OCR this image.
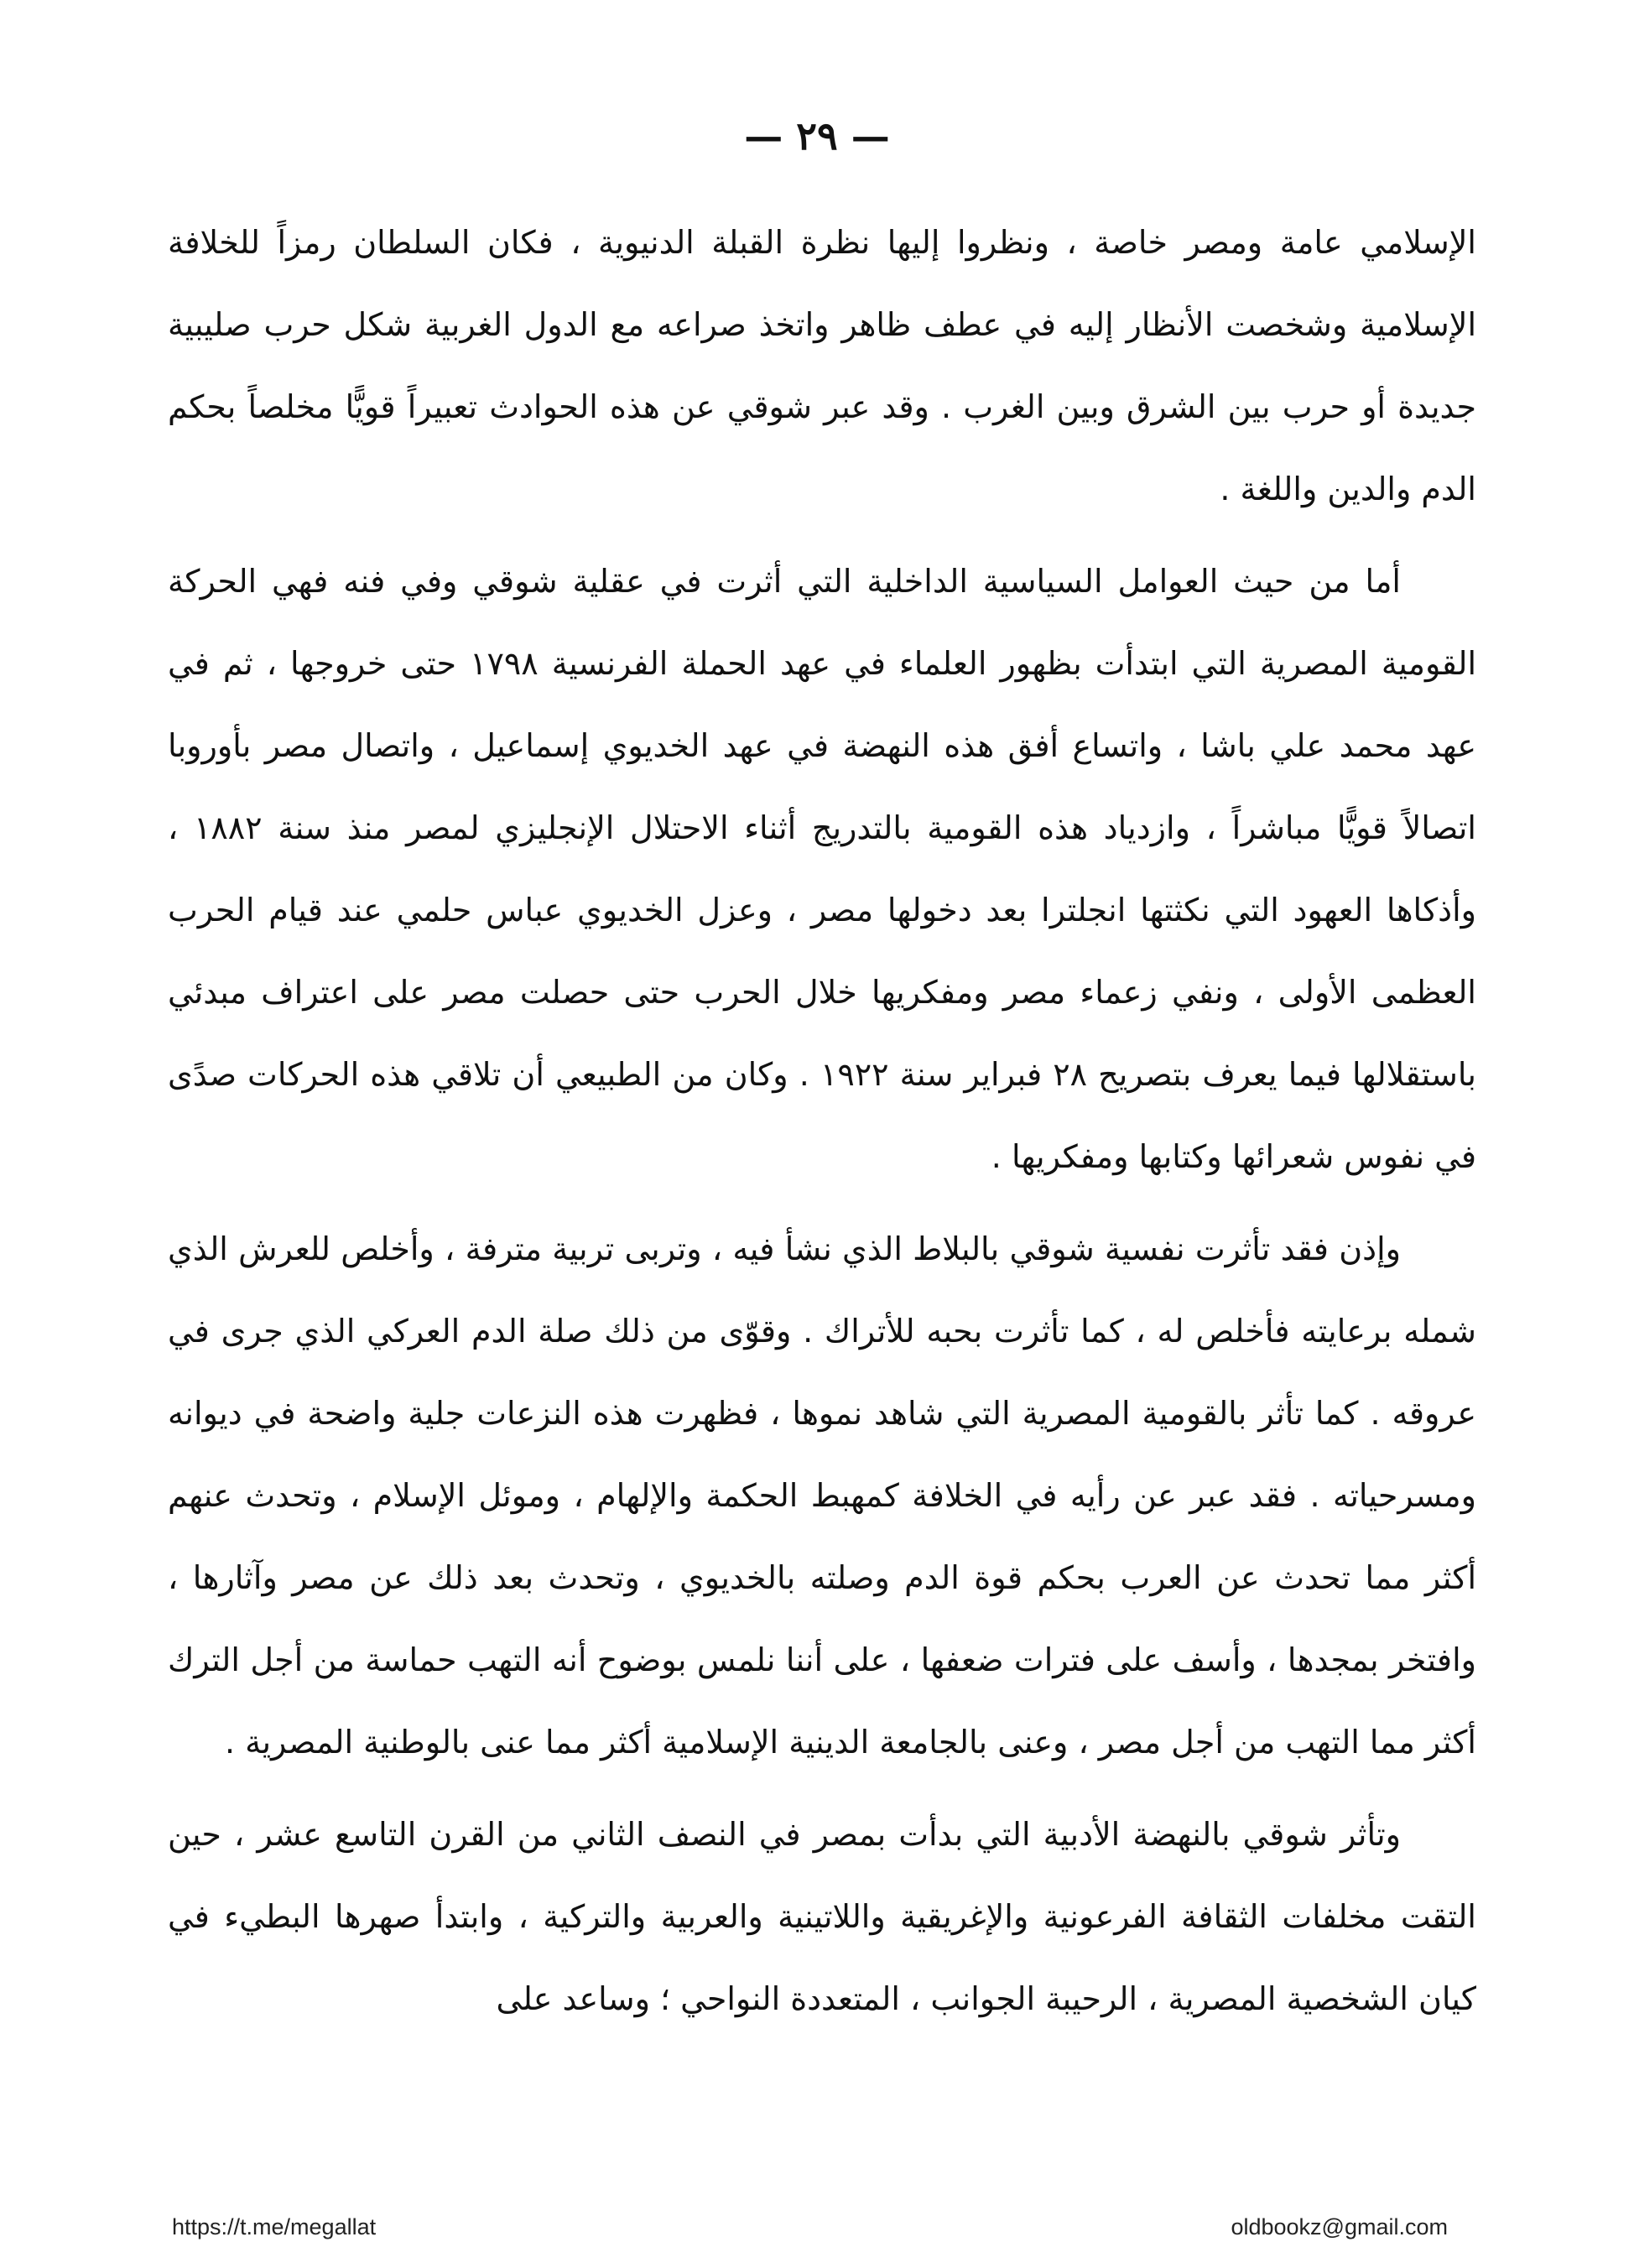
— ٢٩ —

الإسلامي عامة ومصر خاصة ، ونظروا إليها نظرة القبلة الدنيوية ، فكان السلطان رمزاً للخلافة الإسلامية وشخصت الأنظار إليه في عطف ظاهر واتخذ صراعه مع الدول الغربية شكل حرب صليبية جديدة أو حرب بين الشرق وبين الغرب . وقد عبر شوقي عن هذه الحوادث تعبيراً قويًّا مخلصاً بحكم الدم والدين واللغة .

أما من حيث العوامل السياسية الداخلية التي أثرت في عقلية شوقي وفي فنه فهي الحركة القومية المصرية التي ابتدأت بظهور العلماء في عهد الحملة الفرنسية ١٧٩٨ حتى خروجها ، ثم في عهد محمد علي باشا ، واتساع أفق هذه النهضة في عهد الخديوي إسماعيل ، واتصال مصر بأوروبا اتصالاً قويًّا مباشراً ، وازدياد هذه القومية بالتدريج أثناء الاحتلال الإنجليزي لمصر منذ سنة ١٨٨٢ ، وأذكاها العهود التي نكثتها انجلترا بعد دخولها مصر ، وعزل الخديوي عباس حلمي عند قيام الحرب العظمى الأولى ، ونفي زعماء مصر ومفكريها خلال الحرب حتى حصلت مصر على اعتراف مبدئي باستقلالها فيما يعرف بتصريح ٢٨ فبراير سنة ١٩٢٢ . وكان من الطبيعي أن تلاقي هذه الحركات صدًى في نفوس شعرائها وكتابها ومفكريها .

وإذن فقد تأثرت نفسية شوقي بالبلاط الذي نشأ فيه ، وتربى تربية مترفة ، وأخلص للعرش الذي شمله برعايته فأخلص له ، كما تأثرت بحبه للأتراك . وقوّى من ذلك صلة الدم العركي الذي جرى في عروقه . كما تأثر بالقومية المصرية التي شاهد نموها ، فظهرت هذه النزعات جلية واضحة في ديوانه ومسرحياته . فقد عبر عن رأيه في الخلافة كمهبط الحكمة والإلهام ، وموئل الإسلام ، وتحدث عنهم أكثر مما تحدث عن العرب بحكم قوة الدم وصلته بالخديوي ، وتحدث بعد ذلك عن مصر وآثارها ، وافتخر بمجدها ، وأسف على فترات ضعفها ، على أننا نلمس بوضوح أنه التهب حماسة من أجل الترك أكثر مما التهب من أجل مصر ، وعنى بالجامعة الدينية الإسلامية أكثر مما عنى بالوطنية المصرية .

وتأثر شوقي بالنهضة الأدبية التي بدأت بمصر في النصف الثاني من القرن التاسع عشر ، حين التقت مخلفات الثقافة الفرعونية والإغريقية واللاتينية والعربية والتركية ، وابتدأ صهرها البطيء في كيان الشخصية المصرية ، الرحيبة الجوانب ، المتعددة النواحي ؛ وساعد على

https://t.me/megallat	oldbookz@gmail.com
